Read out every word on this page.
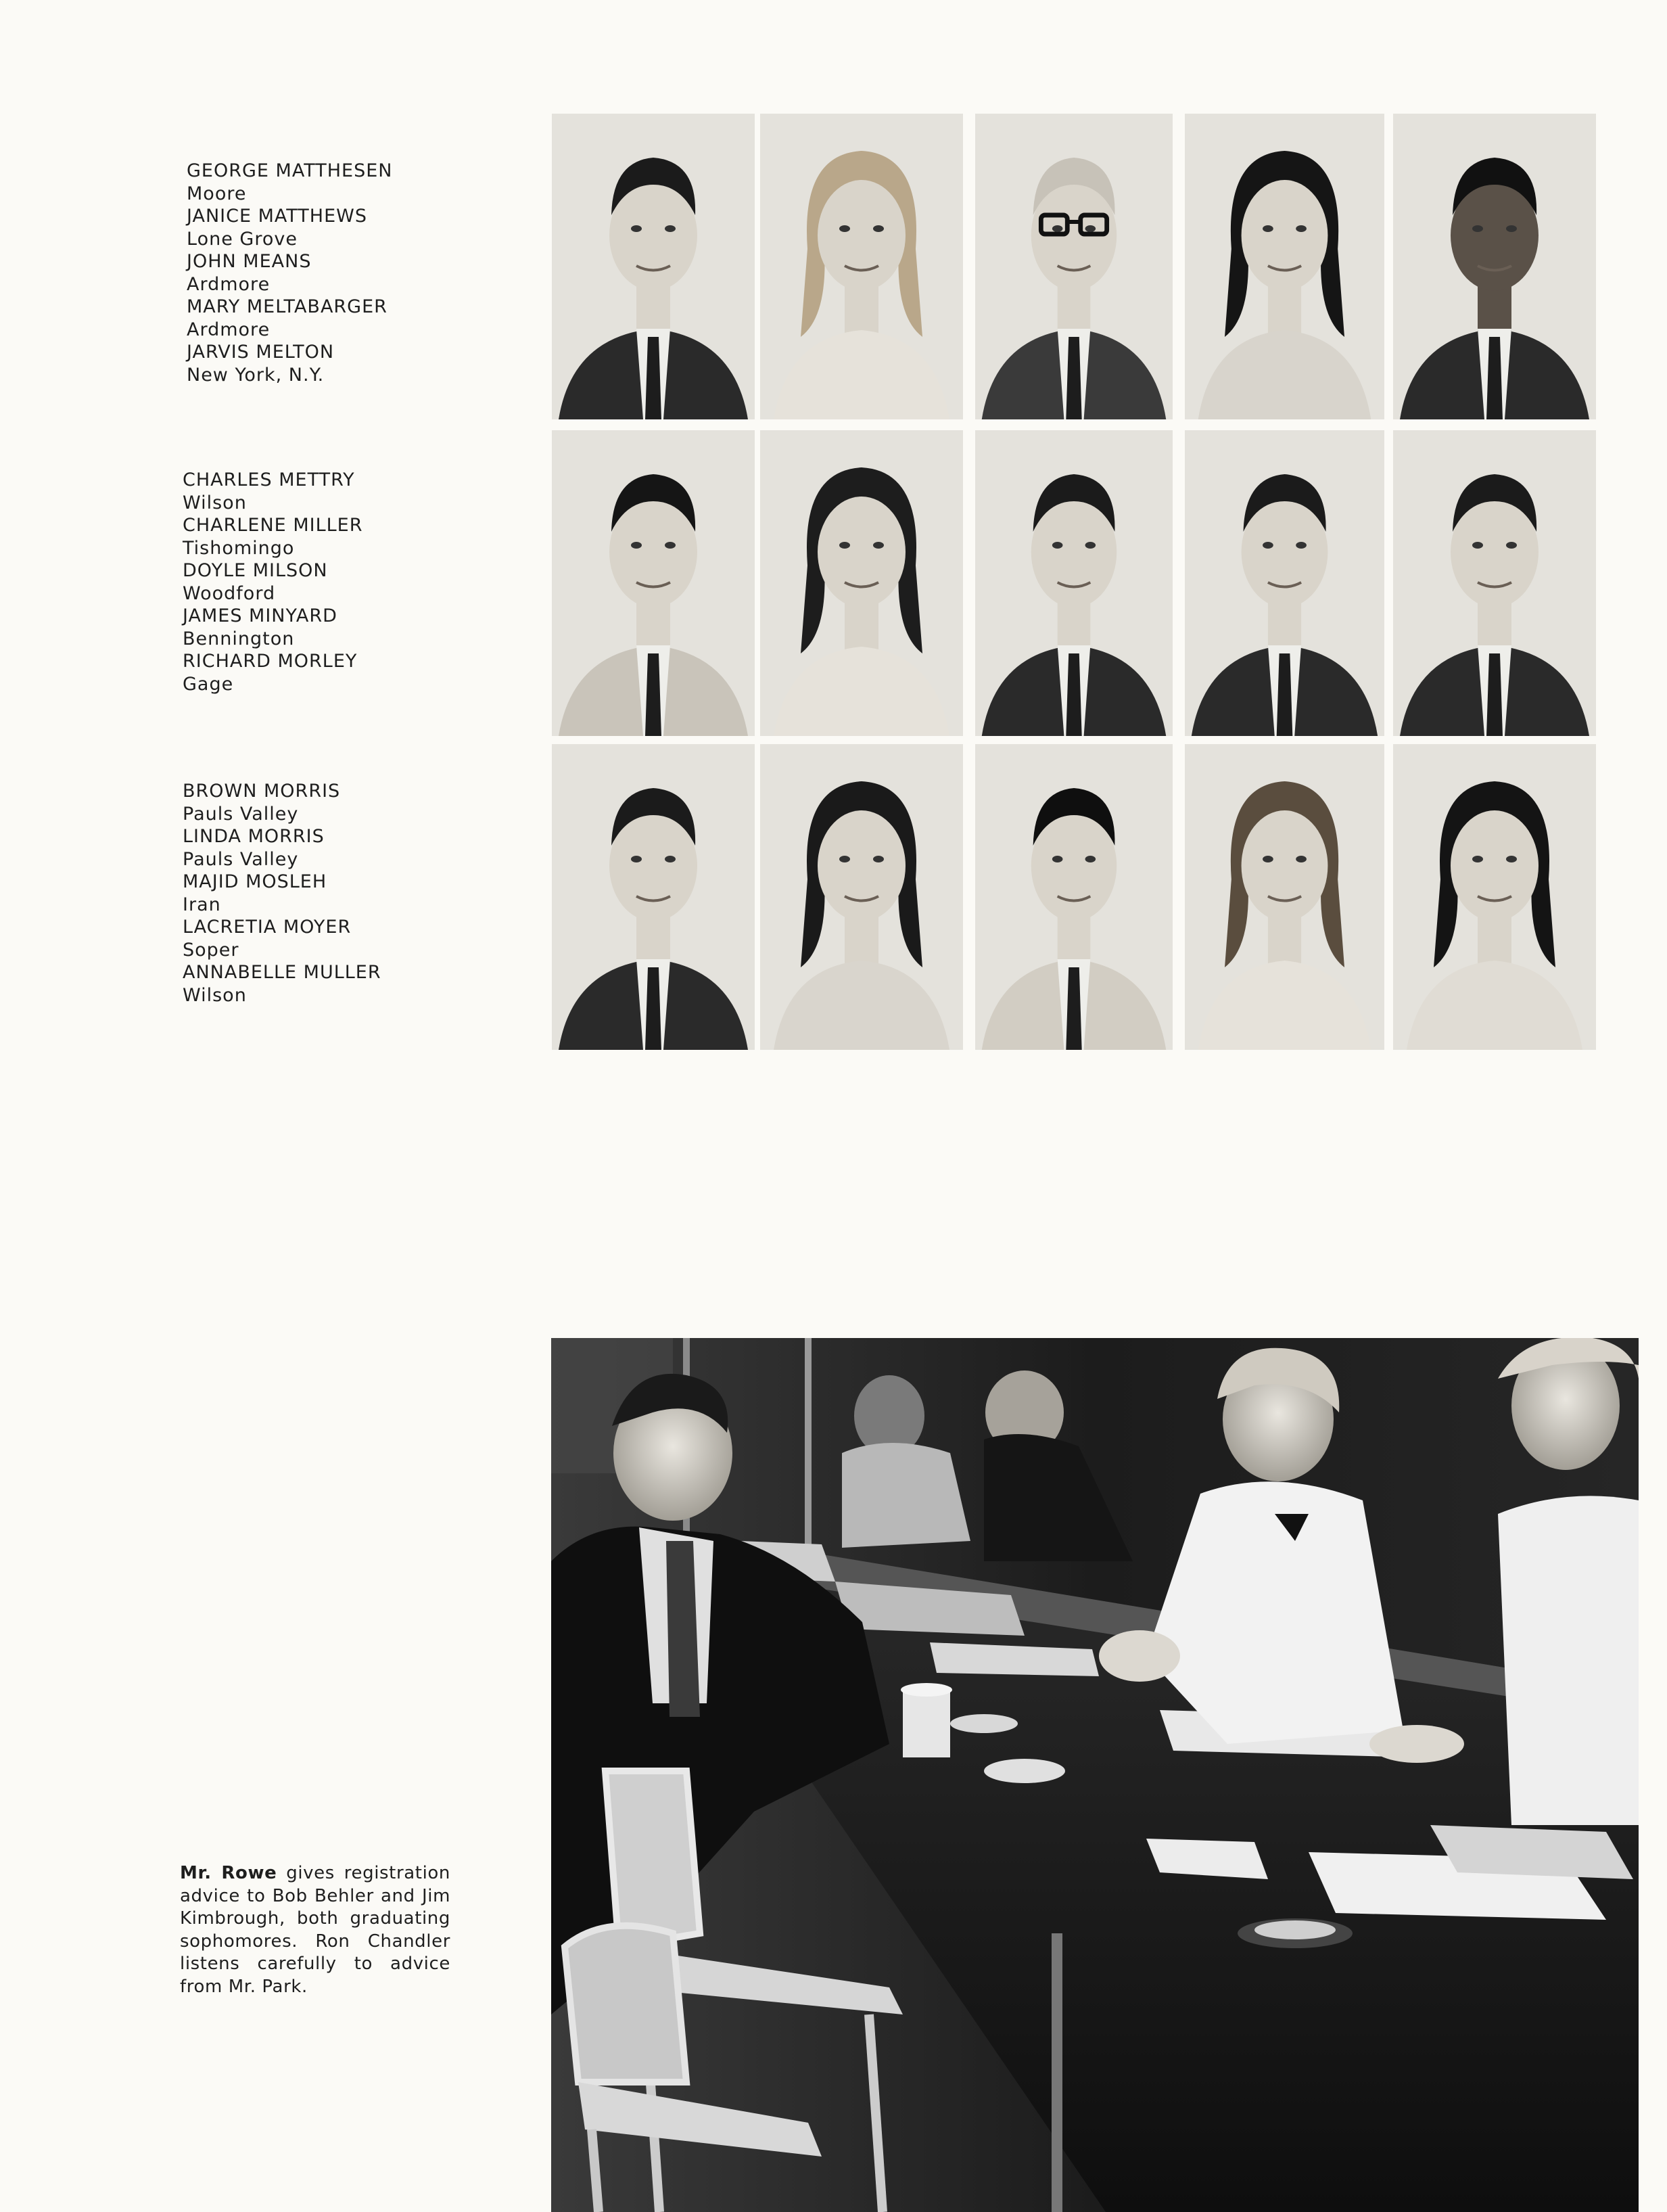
GEORGE MATTHESEN
Moore
JANICE MATTHEWS
Lone Grove
JOHN MEANS
Ardmore
MARY MELTABARGER
Ardmore
JARVIS MELTON
New York, N.Y.
CHARLES METTRY
Wilson
CHARLENE MILLER
Tishomingo
DOYLE MILSON
Woodford
JAMES MINYARD
Bennington
RICHARD MORLEY
Gage
BROWN MORRIS
Pauls Valley
LINDA MORRIS
Pauls Valley
MAJID MOSLEH
Iran
LACRETIA MOYER
Soper
ANNABELLE MULLER
Wilson
Mr. Rowe gives registration advice to Bob Behler and Jim Kimbrough, both graduating sophomores. Ron Chandler listens carefully to advice from Mr. Park.
